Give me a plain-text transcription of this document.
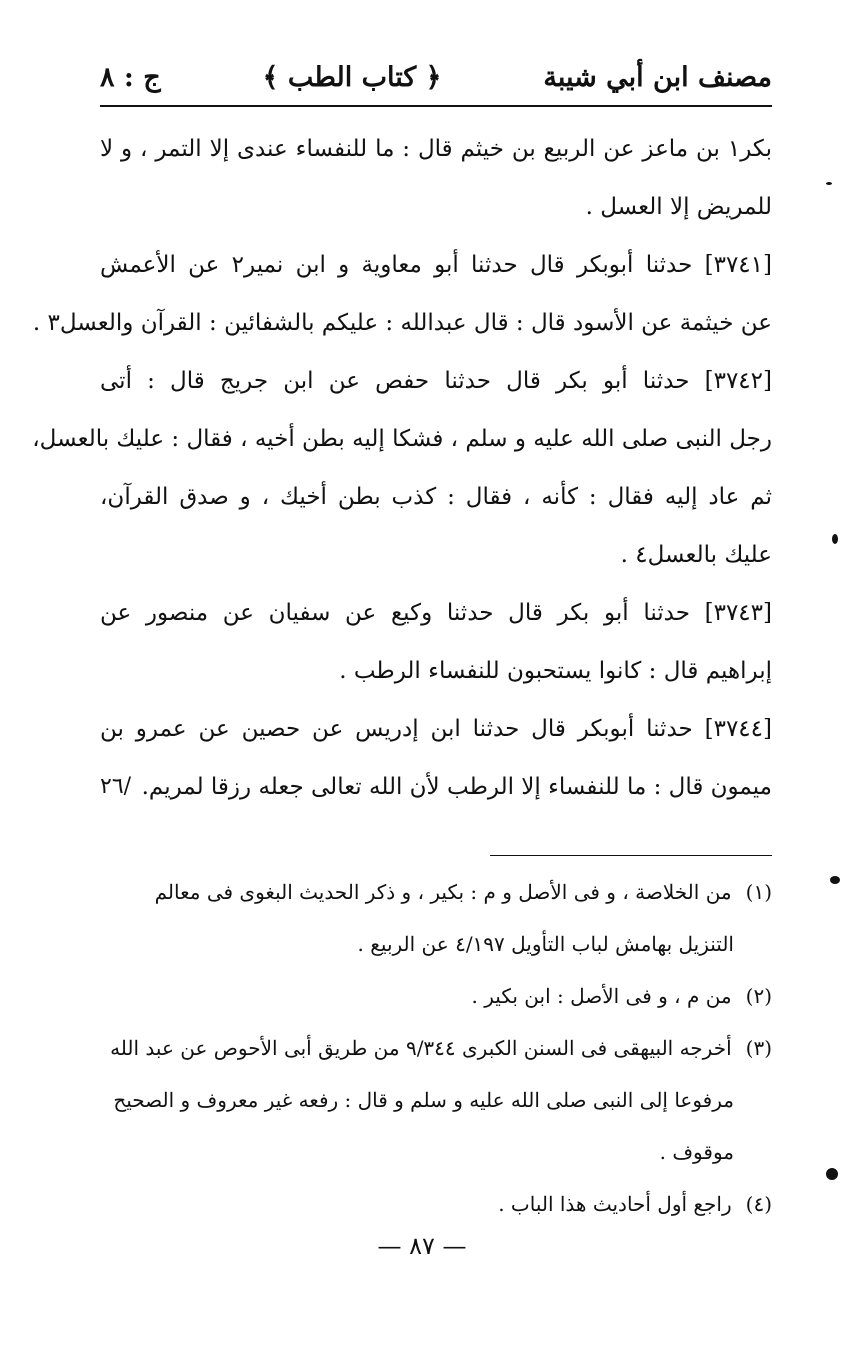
مصنف ابن أبي شيبة
﴿ كتاب الطب ﴾
ج : ٨
بكر١ بن ماعز عن الربيع بن خيثم قال : ما للنفساء عندى إلا التمر ، و لا
للمريض إلا العسل .
[٣٧٤١] حدثنا أبوبكر قال حدثنا أبو معاوية و ابن نمير٢ عن الأعمش
عن خيثمة عن الأسود قال : قال عبدالله : عليكم بالشفائين : القرآن والعسل٣ .
[٣٧٤٢] حدثنا أبو بكر قال حدثنا حفص عن ابن جريج قال : أتى
رجل النبى صلى الله عليه و سلم ، فشكا إليه بطن أخيه ، فقال : عليك بالعسل،
ثم عاد إليه فقال : كأنه ، فقال : كذب بطن أخيك ، و صدق القرآن،
عليك بالعسل٤ .
[٣٧٤٣] حدثنا أبو بكر قال حدثنا وكيع عن سفيان عن منصور عن
إبراهيم قال : كانوا يستحبون للنفساء الرطب .
[٣٧٤٤] حدثنا أبوبكر قال حدثنا ابن إدريس عن حصين عن عمرو بن
ميمون قال : ما للنفساء إلا الرطب لأن الله تعالى جعله رزقا لمريم.
/٢٦
(١) من الخلاصة ، و فى الأصل و م : بكير ، و ذكر الحديث البغوى فى معالم
التنزيل بهامش لباب التأويل ٤/١٩٧ عن الربيع .
(٢) من م ، و فى الأصل : ابن بكير .
(٣) أخرجه البيهقى فى السنن الكبرى ٩/٣٤٤ من طريق أبى الأحوص عن عبد الله
مرفوعا إلى النبى صلى الله عليه و سلم و قال : رفعه غير معروف و الصحيح
موقوف .
(٤) راجع أول أحاديث هذا الباب .
— ٨٧ —
